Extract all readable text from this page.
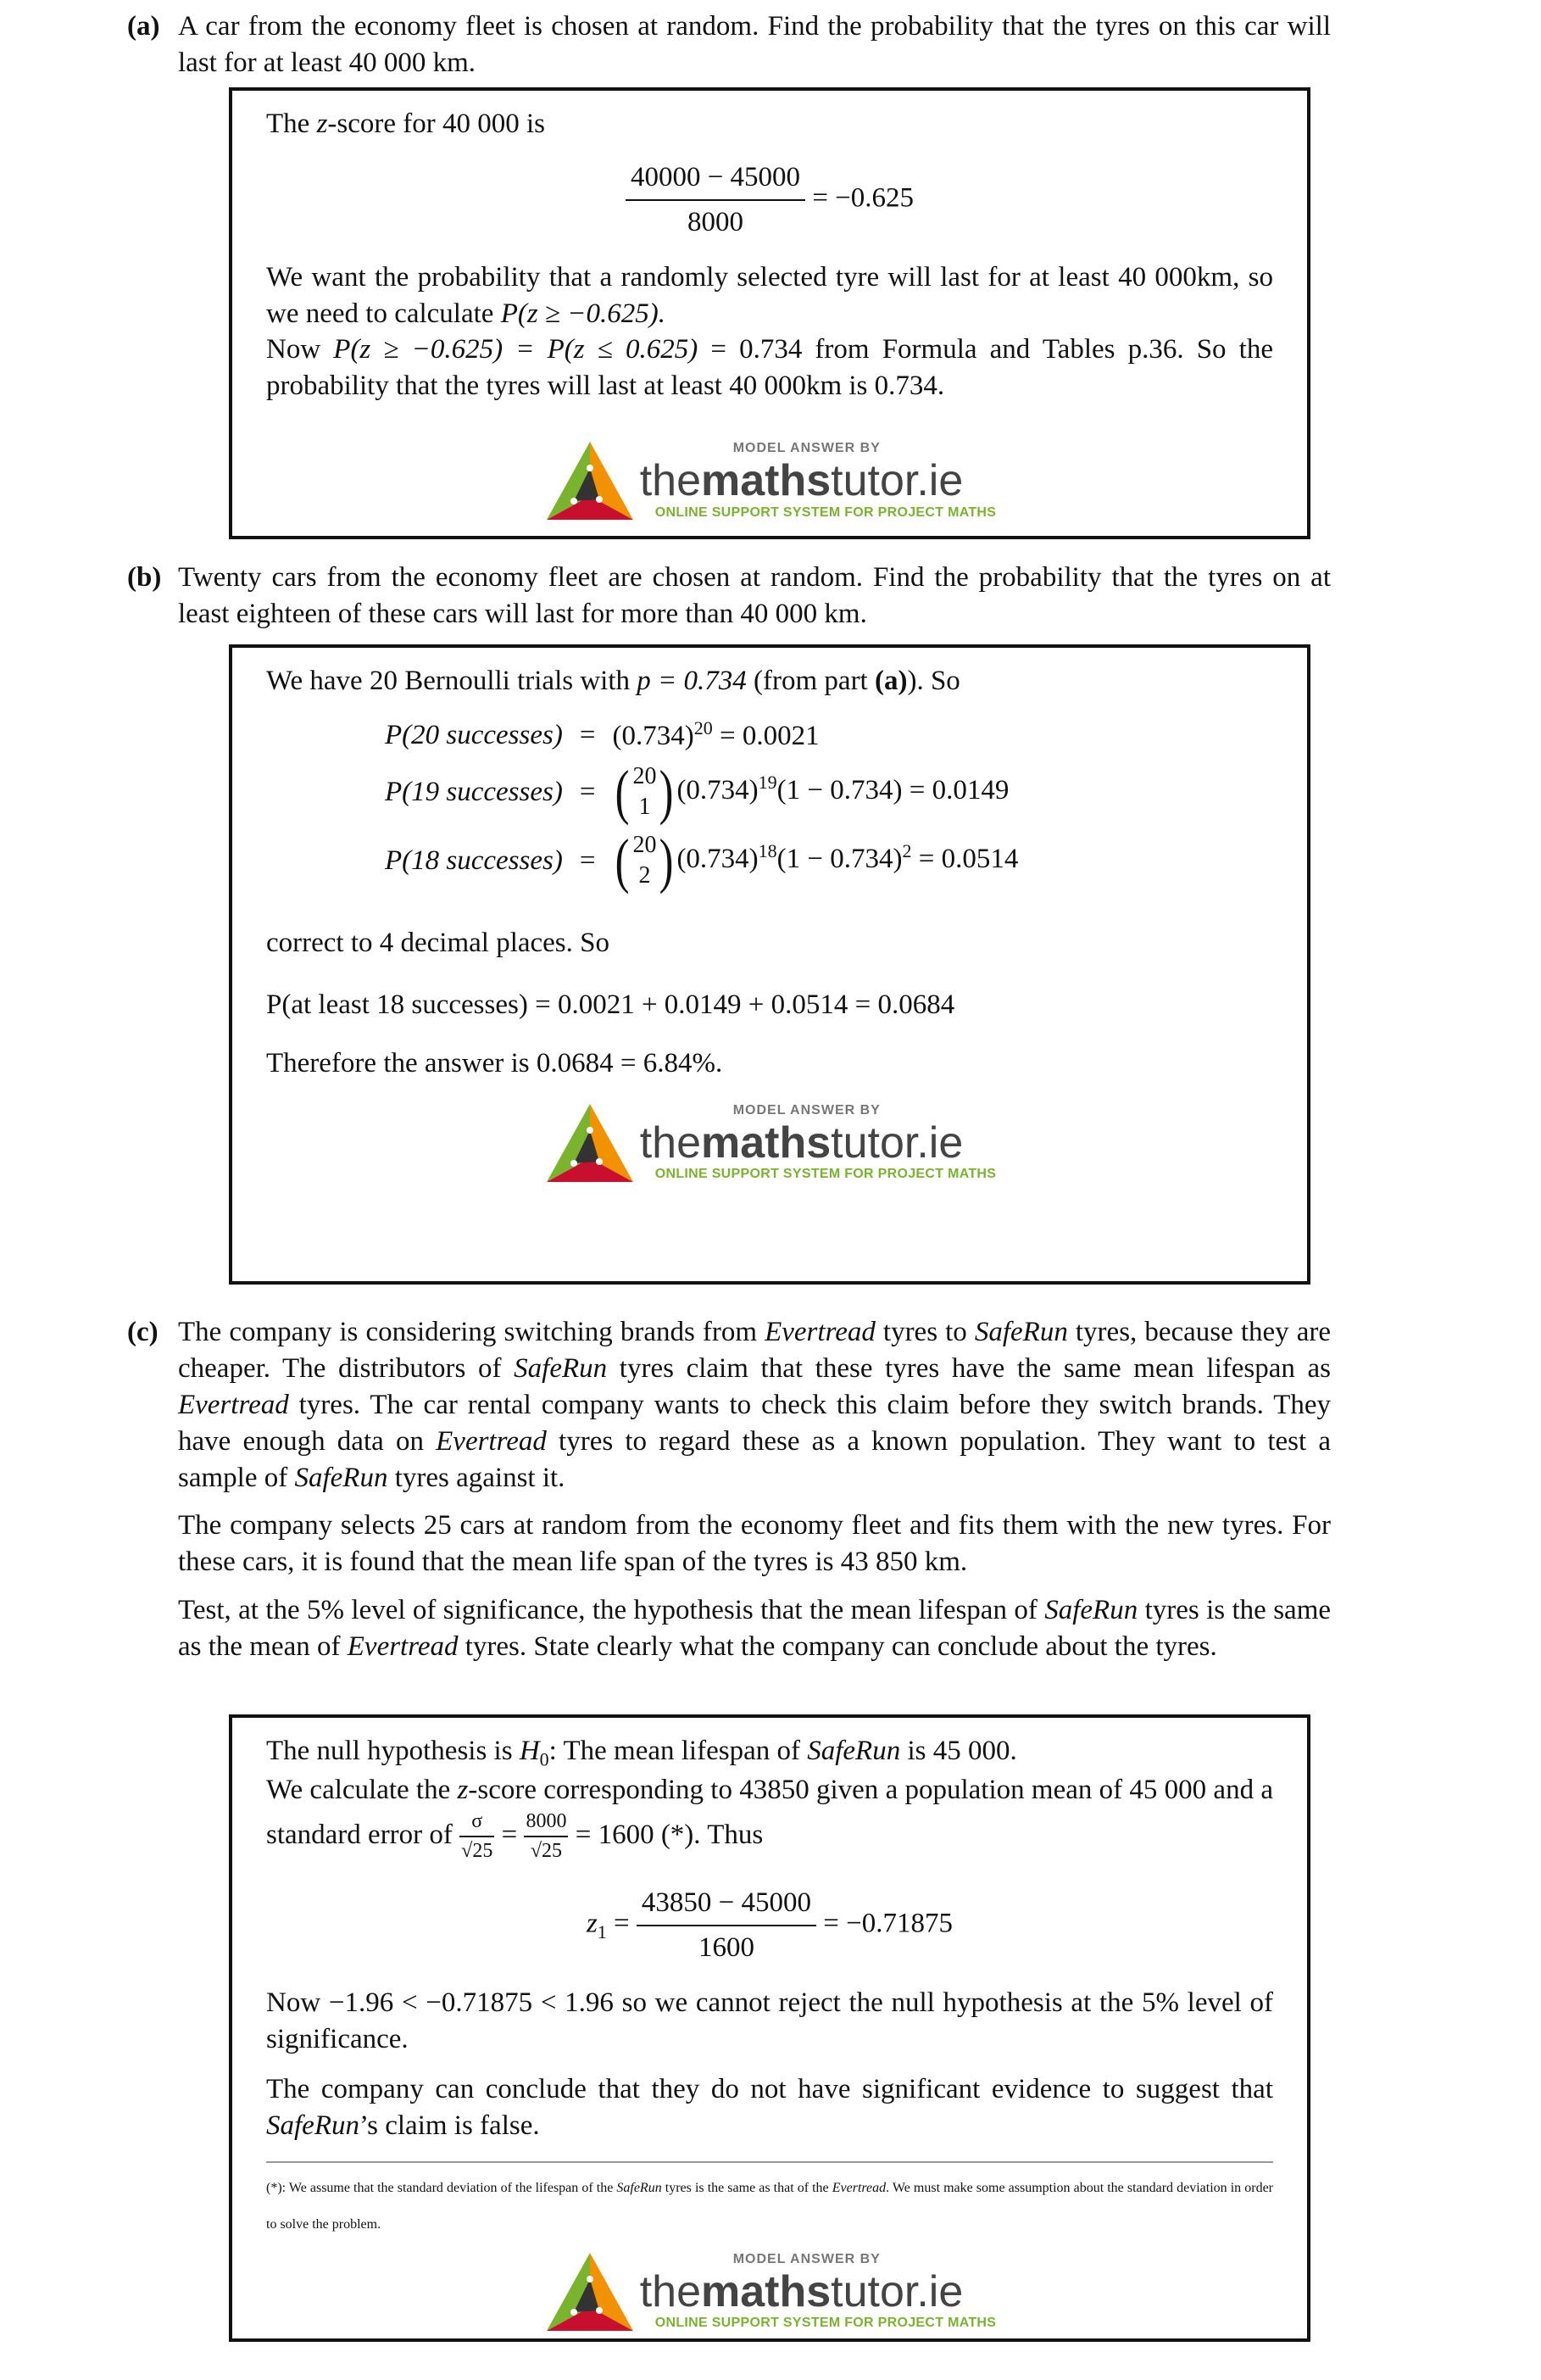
(a) A car from the economy fleet is chosen at random. Find the probability that the tyres on this car will last for at least 40 000 km.

The z-score for 40 000 is

$\frac{40000 - 45000}{8000} = -0.625$

We want the probability that a randomly selected tyre will last for at least 40 000km, so we need to calculate P(z ≥ −0.625).

Now P(z ≥ −0.625) = P(z ≤ 0.625) = 0.734 from Formula and Tables p.36. So the probability that the tyres will last at least 40 000km is 0.734.

MODEL ANSWER BY
themathstutor.ie
ONLINE SUPPORT SYSTEM FOR PROJECT MATHS
(b) Twenty cars from the economy fleet are chosen at random. Find the probability that the tyres on at least eighteen of these cars will last for more than 40 000 km.

We have 20 Bernoulli trials with p = 0.734 (from part (a)). So

P(20 successes)	=	$(0.734)^{20} = 0.0021$
P(19 successes)	=	( 20
1 ) $(0.734)^{19}(1 - 0.734) = 0.0149$
P(18 successes)	=	( 20
2 ) $(0.734)^{18}(1 - 0.734)^2 = 0.0514$

correct to 4 decimal places. So

P(at least 18 successes) = 0.0021 + 0.0149 + 0.0514 = 0.0684

Therefore the answer is 0.0684 = 6.84%.

MODEL ANSWER BY
themathstutor.ie
ONLINE SUPPORT SYSTEM FOR PROJECT MATHS
(c) The company is considering switching brands from Evertread tyres to SafeRun tyres, because they are cheaper. The distributors of SafeRun tyres claim that these tyres have the same mean lifespan as Evertread tyres. The car rental company wants to check this claim before they switch brands. They have enough data on Evertread tyres to regard these as a known population. They want to test a sample of SafeRun tyres against it.

The company selects 25 cars at random from the economy fleet and fits them with the new tyres. For these cars, it is found that the mean life span of the tyres is 43 850 km.

Test, at the 5% level of significance, the hypothesis that the mean lifespan of SafeRun tyres is the same as the mean of Evertread tyres. State clearly what the company can conclude about the tyres.

The null hypothesis is $H_0$: The mean lifespan of SafeRun is 45 000.

We calculate the z-score corresponding to 43850 given a population mean of 45 000 and a standard error of $\frac{\sigma}{√25} = \frac{8000}{√25} = 1600$ (*). Thus

$z_1 = \frac{43850 - 45000}{1600} = -0.71875$

Now −1.96 < −0.71875 < 1.96 so we cannot reject the null hypothesis at the 5% level of significance.

The company can conclude that they do not have significant evidence to suggest that SafeRun’s claim is false.

(*): We assume that the standard deviation of the lifespan of the SafeRun tyres is the same as that of the Evertread. We must make some assumption about the standard deviation in order to solve the problem.

MODEL ANSWER BY
themathstutor.ie
ONLINE SUPPORT SYSTEM FOR PROJECT MATHS
